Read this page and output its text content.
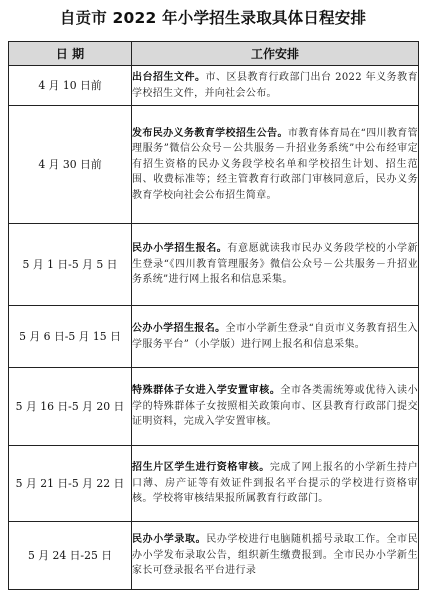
自贡市 2022 年小学招生录取具体日程安排
日 期	工作安排
4 月 10 日前	出台招生文件。市、区县教育行政部门出台 2022 年义务教育学校招生文件，并向社会公布。

4 月 30 日前	发布民办义务教育学校招生公告。市教育体育局在“四川教育管理服务”微信公众号－公共服务－升招业务系统”中公布经审定有招生资格的民办义务段学校名单和学校招生计划、招生范围、收费标准等；经主管教育行政部门审核同意后，民办义务教育学校向社会公布招生简章。

5 月 1 日-5 月 5 日	民办小学招生报名。有意愿就读我市民办义务段学校的小学新生登录“《四川教育管理服务》微信公众号－公共服务－升招业务系统”进行网上报名和信息采集。

5 月 6 日-5 月 15 日	公办小学招生报名。全市小学新生登录“自贡市义务教育招生入学服务平台”（小学版）进行网上报名和信息采集。

5 月 16 日-5 月 20 日	特殊群体子女进入学安置审核。全市各类需统筹或优待入读小学的特殊群体子女按照相关政策向市、区县教育行政部门提交证明资料，完成入学安置审核。

5 月 21 日-5 月 22 日	招生片区学生进行资格审核。完成了网上报名的小学新生持户口薄、房产证等有效证件到报名平台提示的学校进行资格审核。学校将审核结果报所属教育行政部门。

5 月 24 日-25 日	民办小学录取。民办学校进行电脑随机摇号录取工作。全市民办小学发布录取公告，组织新生缴费报到。全市民办小学新生家长可登录报名平台进行录
